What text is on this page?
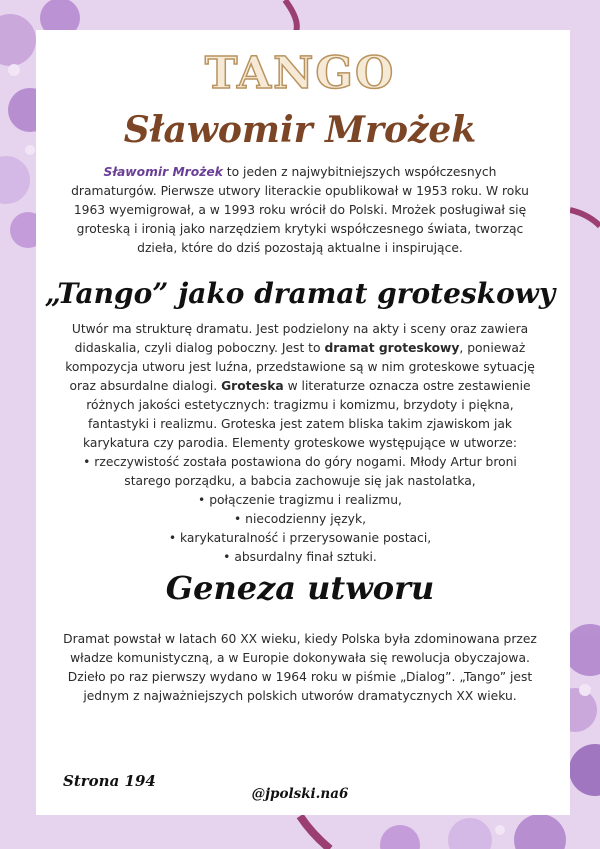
TANGO
Sławomir Mrożek
Sławomir Mrożek to jeden z najwybitniejszych współczesnych dramaturgów. Pierwsze utwory literackie opublikował w 1953 roku. W roku 1963 wyemigrował, a w 1993 roku wrócił do Polski. Mrożek posługiwał się groteską i ironią jako narzędziem krytyki współczesnego świata, tworząc dzieła, które do dziś pozostają aktualne i inspirujące.
„Tango” jako dramat groteskowy
Utwór ma strukturę dramatu. Jest podzielony na akty i sceny oraz zawiera didaskalia, czyli dialog poboczny. Jest to dramat groteskowy, ponieważ kompozycja utworu jest luźna, przedstawione są w nim groteskowe sytuację oraz absurdalne dialogi. Groteska w literaturze oznacza ostre zestawienie różnych jakości estetycznych: tragizmu i komizmu, brzydoty i piękna, fantastyki i realizmu. Groteska jest zatem bliska takim zjawiskom jak karykatura czy parodia. Elementy groteskowe występujące w utworze:
• rzeczywistość została postawiona do góry nogami. Młody Artur broni starego porządku, a babcia zachowuje się jak nastolatka,
• połączenie tragizmu i realizmu,
• niecodzienny język,
• karykaturalność i przerysowanie postaci,
• absurdalny finał sztuki.
Geneza utworu
Dramat powstał w latach 60 XX wieku, kiedy Polska była zdominowana przez władze komunistyczną, a w Europie dokonywała się rewolucja obyczajowa. Dzieło po raz pierwszy wydano w 1964 roku w piśmie „Dialog”. „Tango” jest jednym z najważniejszych polskich utworów dramatycznych XX wieku.
Strona 194
@jpolski.na6
